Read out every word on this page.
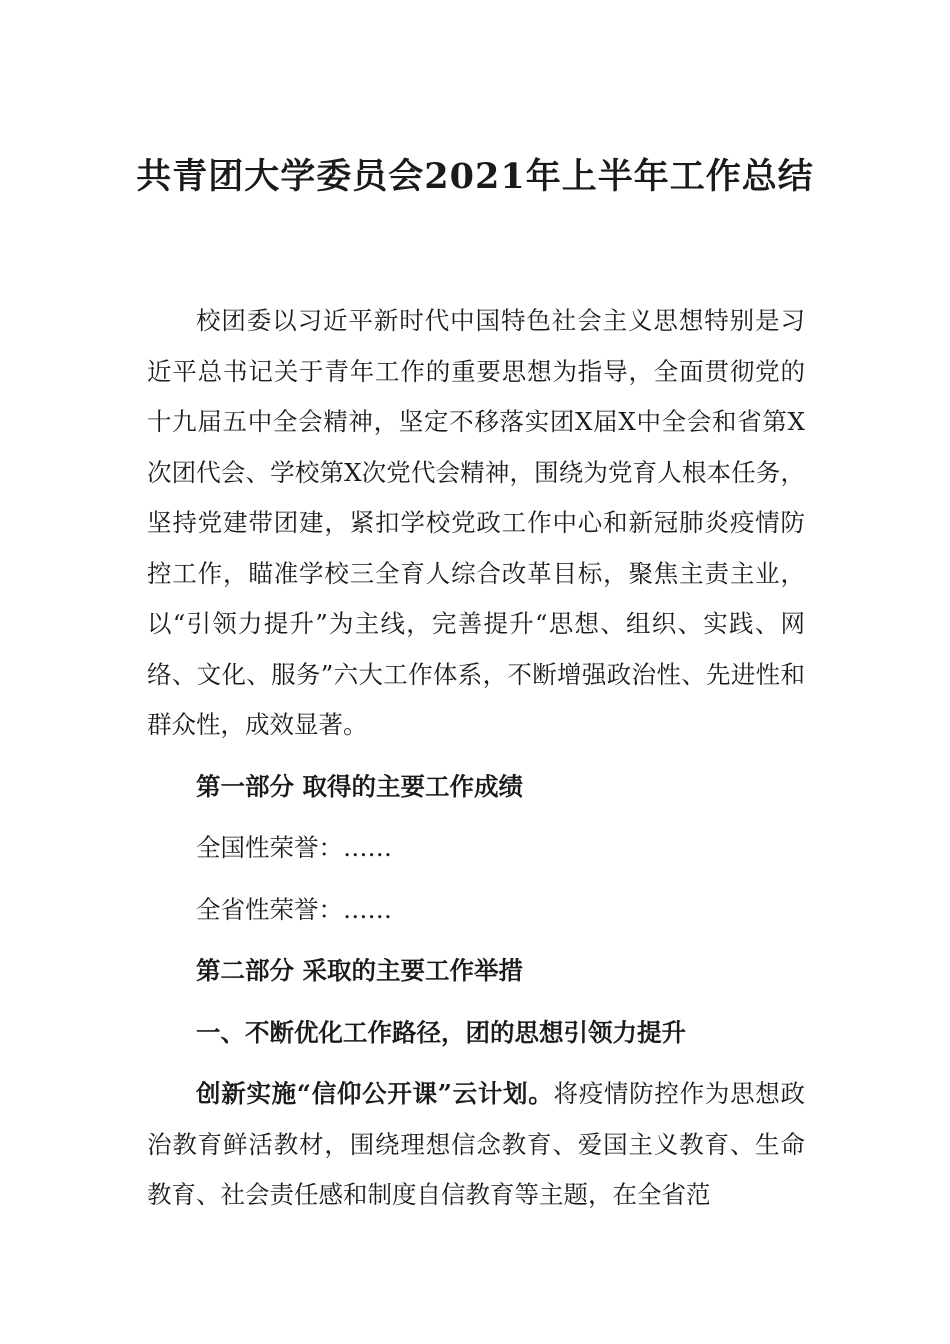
共青团大学委员会2021年上半年工作总结

校团委以习近平新时代中国特色社会主义思想特别是习近平总书记关于青年工作的重要思想为指导，全面贯彻党的十九届五中全会精神，坚定不移落实团X届X中全会和省第X次团代会、学校第X次党代会精神，围绕为党育人根本任务，坚持党建带团建，紧扣学校党政工作中心和新冠肺炎疫情防控工作，瞄准学校三全育人综合改革目标，聚焦主责主业，以“引领力提升”为主线，完善提升“思想、组织、实践、网络、文化、服务”六大工作体系，不断增强政治性、先进性和群众性，成效显著。

第一部分 取得的主要工作成绩

全国性荣誉：……

全省性荣誉：……

第二部分 采取的主要工作举措

一、不断优化工作路径，团的思想引领力提升

创新实施“信仰公开课”云计划。将疫情防控作为思想政治教育鲜活教材，围绕理想信念教育、爱国主义教育、生命教育、社会责任感和制度自信教育等主题，在全省范
